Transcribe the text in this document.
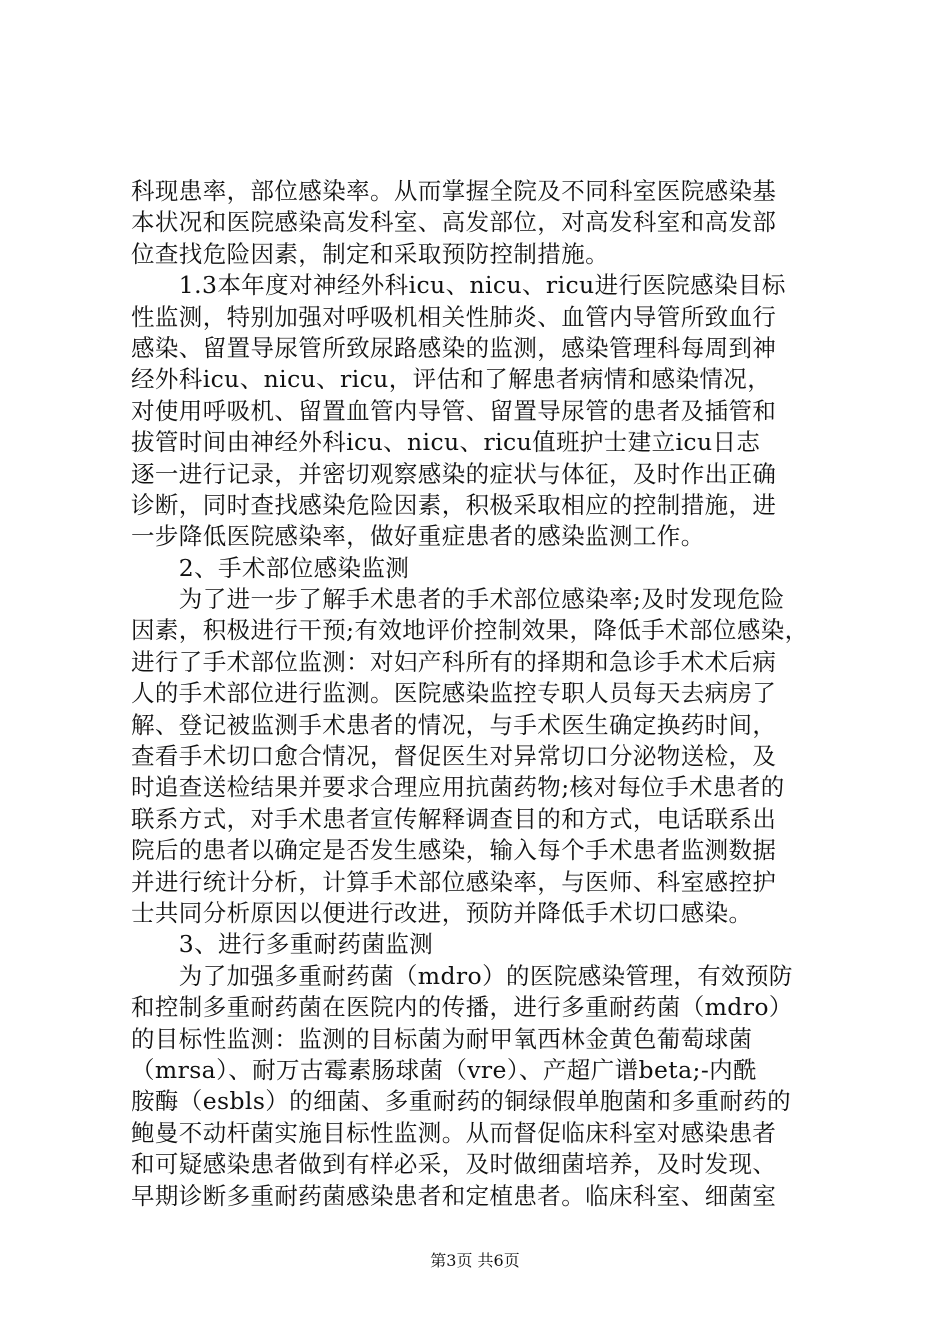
科现患率，部位感染率。从而掌握全院及不同科室医院感染基
本状况和医院感染高发科室、高发部位，对高发科室和高发部
位查找危险因素，制定和采取预防控制措施。
　　1.3本年度对神经外科icu、nicu、ricu进行医院感染目标
性监测，特别加强对呼吸机相关性肺炎、血管内导管所致血行
感染、留置导尿管所致尿路感染的监测，感染管理科每周到神
经外科icu、nicu、ricu，评估和了解患者病情和感染情况，
对使用呼吸机、留置血管内导管、留置导尿管的患者及插管和
拔管时间由神经外科icu、nicu、ricu值班护士建立icu日志
逐一进行记录，并密切观察感染的症状与体征，及时作出正确
诊断，同时查找感染危险因素，积极采取相应的控制措施，进
一步降低医院感染率，做好重症患者的感染监测工作。
　　2、手术部位感染监测
　　为了进一步了解手术患者的手术部位感染率;及时发现危险
因素，积极进行干预;有效地评价控制效果，降低手术部位感染，
进行了手术部位监测：对妇产科所有的择期和急诊手术术后病
人的手术部位进行监测。医院感染监控专职人员每天去病房了
解、登记被监测手术患者的情况，与手术医生确定换药时间，
查看手术切口愈合情况，督促医生对异常切口分泌物送检，及
时追查送检结果并要求合理应用抗菌药物;核对每位手术患者的
联系方式，对手术患者宣传解释调查目的和方式，电话联系出
院后的患者以确定是否发生感染，输入每个手术患者监测数据
并进行统计分析，计算手术部位感染率，与医师、科室感控护
士共同分析原因以便进行改进，预防并降低手术切口感染。
　　3、进行多重耐药菌监测
　　为了加强多重耐药菌（mdro）的医院感染管理，有效预防
和控制多重耐药菌在医院内的传播，进行多重耐药菌（mdro）
的目标性监测：监测的目标菌为耐甲氧西林金黄色葡萄球菌
（mrsa）、耐万古霉素肠球菌（vre）、产超广谱beta;-内酰
胺酶（esbls）的细菌、多重耐药的铜绿假单胞菌和多重耐药的
鲍曼不动杆菌实施目标性监测。从而督促临床科室对感染患者
和可疑感染患者做到有样必采，及时做细菌培养，及时发现、
早期诊断多重耐药菌感染患者和定植患者。临床科室、细菌室
第3页 共6页
